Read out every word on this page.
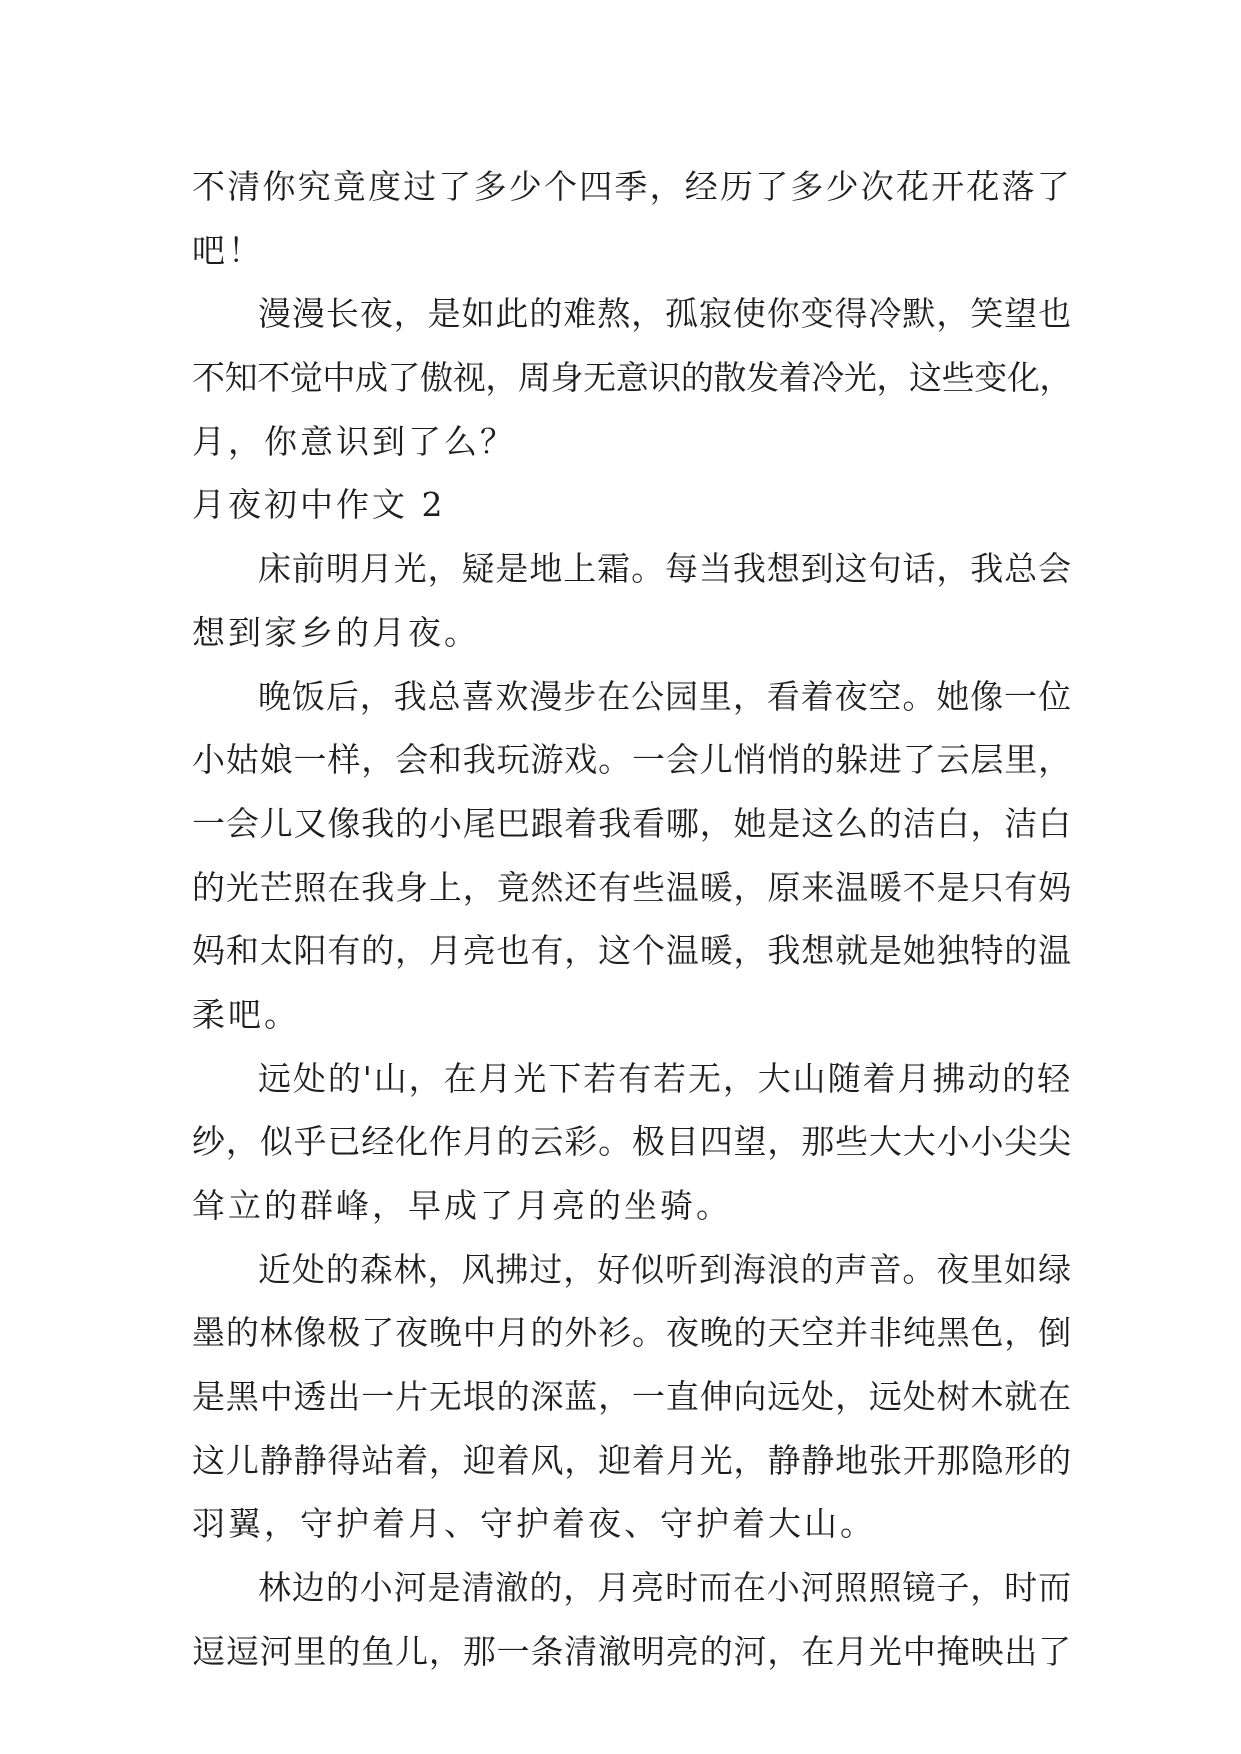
不清你究竟度过了多少个四季，经历了多少次花开花落了
吧！
漫漫长夜，是如此的难熬，孤寂使你变得冷默，笑望也
不知不觉中成了傲视，周身无意识的散发着冷光，这些变化，
月，你意识到了么？
月夜初中作文 2
床前明月光，疑是地上霜。每当我想到这句话，我总会
想到家乡的月夜。
晚饭后，我总喜欢漫步在公园里，看着夜空。她像一位
小姑娘一样，会和我玩游戏。一会儿悄悄的躲进了云层里，
一会儿又像我的小尾巴跟着我看哪，她是这么的洁白，洁白
的光芒照在我身上，竟然还有些温暖，原来温暖不是只有妈
妈和太阳有的，月亮也有，这个温暖，我想就是她独特的温
柔吧。
远处的'山，在月光下若有若无，大山随着月拂动的轻
纱，似乎已经化作月的云彩。极目四望，那些大大小小尖尖
耸立的群峰，早成了月亮的坐骑。
近处的森林，风拂过，好似听到海浪的声音。夜里如绿
墨的林像极了夜晚中月的外衫。夜晚的天空并非纯黑色，倒
是黑中透出一片无垠的深蓝，一直伸向远处，远处树木就在
这儿静静得站着，迎着风，迎着月光，静静地张开那隐形的
羽翼，守护着月、守护着夜、守护着大山。
林边的小河是清澈的，月亮时而在小河照照镜子，时而
逗逗河里的鱼儿，那一条清澈明亮的河，在月光中掩映出了
